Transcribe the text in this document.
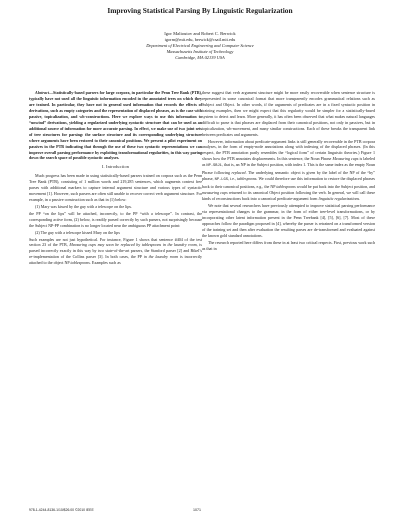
Improving Statistical Parsing By Linguistic Regularization
Igor Malioutov and Robert C. Berwick
igorm@mit.edu, berwick@csail.mit.edu
Department of Electrical Engineering and Computer Science
Massachusetts Institute of Technology
Cambridge, MA 02139 USA

Abstract—Statistically-based parsers for large corpora, in particular the Penn Tree Bank (PTB), typically have not used all the linguistic information encoded in the annotated trees on which they are trained. In particular, they have not in general used information that records the effects of derivations, such as empty categories and the representation of displaced phrases, as is the case with passive, topicalization, and wh-constructions. Here we explore ways to use this information to “unwind” derivations, yielding a regularized underlying syntactic structure that can be used as an additional source of information for more accurate parsing. In effect, we make use of two joint sets of tree structures for parsing: the surface structure and its corresponding underlying structure where arguments have been restored to their canonical positions. We present a pilot experiment on passives in the PTB indicating that through the use of these two syntactic representations we can improve overall parsing performance by exploiting transformational regularities, in this way paring down the search space of possible syntactic analyses.

I. Introduction

Much progress has been made in using statistically-based parsers trained on corpora such as the Penn Tree Bank (PTB), consisting of 1 million words and 219,285 sentences, which augments context free parses with additional markers to capture internal argument structure and various types of syntactic movement [1]. However, such parsers are often still unable to recover correct verb argument structure. For example, in a passive construction such as that in (1) below:

(1) Mary was kissed by the guy with a telescope on the lips.

the PP “on the lips” will be attached, incorrectly, to the PP “with a telescope”. In contrast, the corresponding active form, (2) below, is readily parsed correctly by such parsers, not surprisingly because the Subject NP-PP combination is no longer located near the ambiguous PP attachment point:

(2) The guy with a telescope kissed Mary on the lips

Such examples are not just hypothetical. For instance, Figure 1 shows that sentence #404 of the test section 23 of the PTB, Measuring cups may soon be replaced by tablespoons in the laundry room, is parsed incorrectly exactly in this way by two state-of-the-art parsers, the Stanford parser [2] and Bikel’s re-implementation of the Collins parser [3]. In both cases, the PP in the laundry room is incorrectly attached to the object NP tablespoons. Examples such as

these suggest that verb argument structure might be more easily recoverable when sentence structure is represented in some canonical format that more transparently encodes grammatical relations such as Subject and Object. In other words, if the arguments of predicates are in a fixed syntactic position in training examples, then we might expect that this regularity would be simpler for a statistically-based system to detect and learn. More generally, it has often been observed that what makes natural languages difficult to parse is that phrases are displaced from their canonical positions, not only in passives, but in topicalization, wh-movement, and many similar constructions. Each of these breaks the transparent link between predicates and arguments.

However, information about predicate-argument links is still generally recoverable in the PTB corpora analyses, in the form of empty-node annotations along with indexing of the displaced phrases. (In this respect, the PTB annotation partly resembles the “logical form” of certain linguistic theories.) Figure 1 shows how the PTB annotates displacements. In this sentence, the Noun Phrase Measuring cups is labeled as NP-SBJ1, that is, an NP in the Subject position, with index 1. This is the same index as the empty Noun Phrase following replaced. The underlying semantic object is given by the label of the NP of the “by” phrase, NP-LGS, i.e., tablespoons. We could therefore use this information to restore the displaced phrases back to their canonical positions, e.g., the NP tablespoons would be put back into the Subject position, and measuring cups returned to its canonical Object position following the verb. In general, we will call these kinds of reconstructions back into a canonical predicate-argument form linguistic regularizations.

We note that several researchers have previously attempted to improve statistical parsing performance via representational changes to the grammar, in the form of either tree-level transformations, or by incorporating other latent information present in the Penn Treebank [4], [5], [6], [7]. Most of these approaches follow the paradigm proposed in [4], whereby the parser is retrained on a transformed version of the training set and then after evaluation the resulting parses are de-transformed and evaluated against the known gold standard annotations.

The research reported here differs from these in at least two critical respects. First, previous work such as that in

978-1-4244-8136-1/10/$26.00 ©2010 IEEE	1071
